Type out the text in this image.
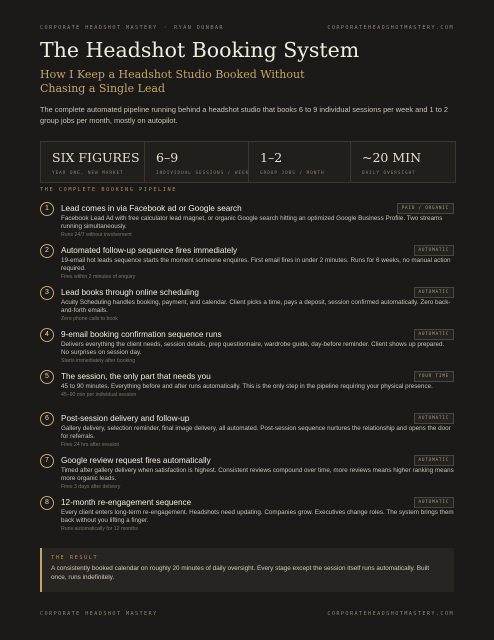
CORPORATE HEADSHOT MASTERY · RYAN DUNBAR	CORPORATEHEADSHOTMASTERY.COM
The Headshot Booking System
How I Keep a Headshot Studio Booked Without Chasing a Single Lead
The complete automated pipeline running behind a headshot studio that books 6 to 9 individual sessions per week and 1 to 2 group jobs per month, mostly on autopilot.
SIX FIGURES
YEAR ONE, NEW MARKET
6–9
INDIVIDUAL SESSIONS / WEEK
1–2
GROUP JOBS / MONTH
~20 MIN
DAILY OVERSIGHT
THE COMPLETE BOOKING PIPELINE
1	Lead comes in via Facebook ad or Google search	PAID / ORGANIC
Facebook Lead Ad with free calculator lead magnet, or organic Google search hitting an optimized Google Business Profile. Two streams running simultaneously.
Runs 24/7 without involvement
2	Automated follow-up sequence fires immediately	AUTOMATIC
19-email hot leads sequence starts the moment someone enquires. First email fires in under 2 minutes. Runs for 6 weeks, no manual action required.
Fires within 2 minutes of enquiry
3	Lead books through online scheduling	AUTOMATIC
Acuity Scheduling handles booking, payment, and calendar. Client picks a time, pays a deposit, session confirmed automatically. Zero back-and-forth emails.
Zero phone calls to book
4	9-email booking confirmation sequence runs	AUTOMATIC
Delivers everything the client needs, session details, prep questionnaire, wardrobe guide, day-before reminder. Client shows up prepared. No surprises on session day.
Starts immediately after booking
5	The session, the only part that needs you	YOUR TIME
45 to 90 minutes. Everything before and after runs automatically. This is the only step in the pipeline requiring your physical presence.
45–90 min per individual session
6	Post-session delivery and follow-up	AUTOMATIC
Gallery delivery, selection reminder, final image delivery, all automated. Post-session sequence nurtures the relationship and opens the door for referrals.
Fires 24 hrs after session
7	Google review request fires automatically	AUTOMATIC
Timed after gallery delivery when satisfaction is highest. Consistent reviews compound over time, more reviews means higher ranking means more organic leads.
Fires 3 days after delivery
8	12-month re-engagement sequence	AUTOMATIC
Every client enters long-term re-engagement. Headshots need updating. Companies grow. Executives change roles. The system brings them back without you lifting a finger.
Runs automatically for 12 months
THE RESULT
A consistently booked calendar on roughly 20 minutes of daily oversight. Every stage except the session itself runs automatically. Built once, runs indefinitely.
CORPORATE HEADSHOT MASTERY	CORPORATEHEADSHOTMASTERY.COM
